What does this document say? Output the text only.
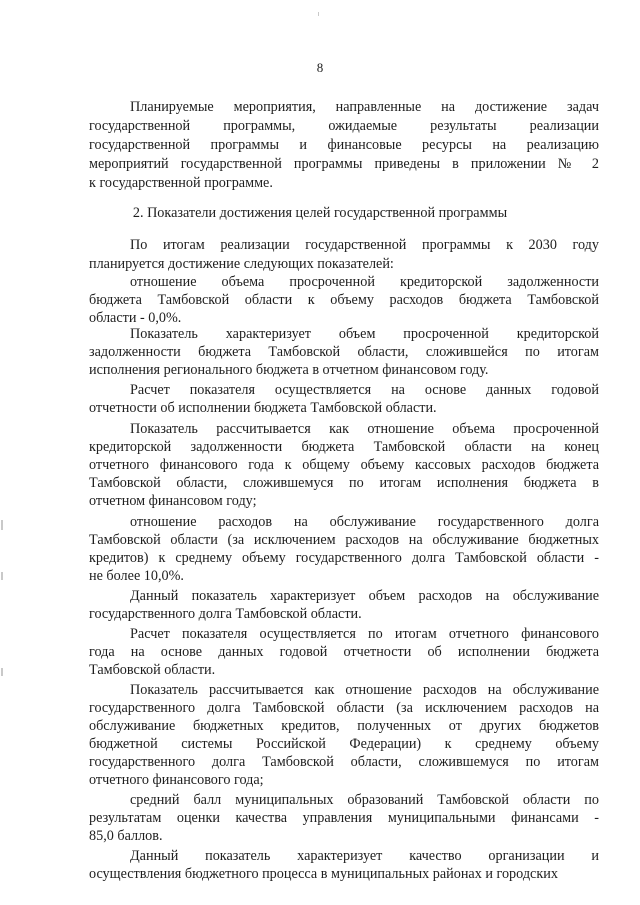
8
Планируемые мероприятия, направленные на достижение задач
государственной программы, ожидаемые результаты реализации
государственной программы и финансовые ресурсы на реализацию
мероприятий государственной программы приведены в приложении № 2
к государственной программе.
2. Показатели достижения целей государственной программы
По итогам реализации государственной программы к 2030 году
планируется достижение следующих показателей:
отношение объема просроченной кредиторской задолженности
бюджета Тамбовской области к объему расходов бюджета Тамбовской
области - 0,0%.
Показатель характеризует объем просроченной кредиторской
задолженности бюджета Тамбовской области, сложившейся по итогам
исполнения регионального бюджета в отчетном финансовом году.
Расчет показателя осуществляется на основе данных годовой
отчетности об исполнении бюджета Тамбовской области.
Показатель рассчитывается как отношение объема просроченной
кредиторской задолженности бюджета Тамбовской области на конец
отчетного финансового года к общему объему кассовых расходов бюджета
Тамбовской области, сложившемуся по итогам исполнения бюджета в
отчетном финансовом году;
отношение расходов на обслуживание государственного долга
Тамбовской области (за исключением расходов на обслуживание бюджетных
кредитов) к среднему объему государственного долга Тамбовской области -
не более 10,0%.
Данный показатель характеризует объем расходов на обслуживание
государственного долга Тамбовской области.
Расчет показателя осуществляется по итогам отчетного финансового
года на основе данных годовой отчетности об исполнении бюджета
Тамбовской области.
Показатель рассчитывается как отношение расходов на обслуживание
государственного долга Тамбовской области (за исключением расходов на
обслуживание бюджетных кредитов, полученных от других бюджетов
бюджетной системы Российской Федерации) к среднему объему
государственного долга Тамбовской области, сложившемуся по итогам
отчетного финансового года;
средний балл муниципальных образований Тамбовской области по
результатам оценки качества управления муниципальными финансами -
85,0 баллов.
Данный показатель характеризует качество организации и
осуществления бюджетного процесса в муниципальных районах и городских
